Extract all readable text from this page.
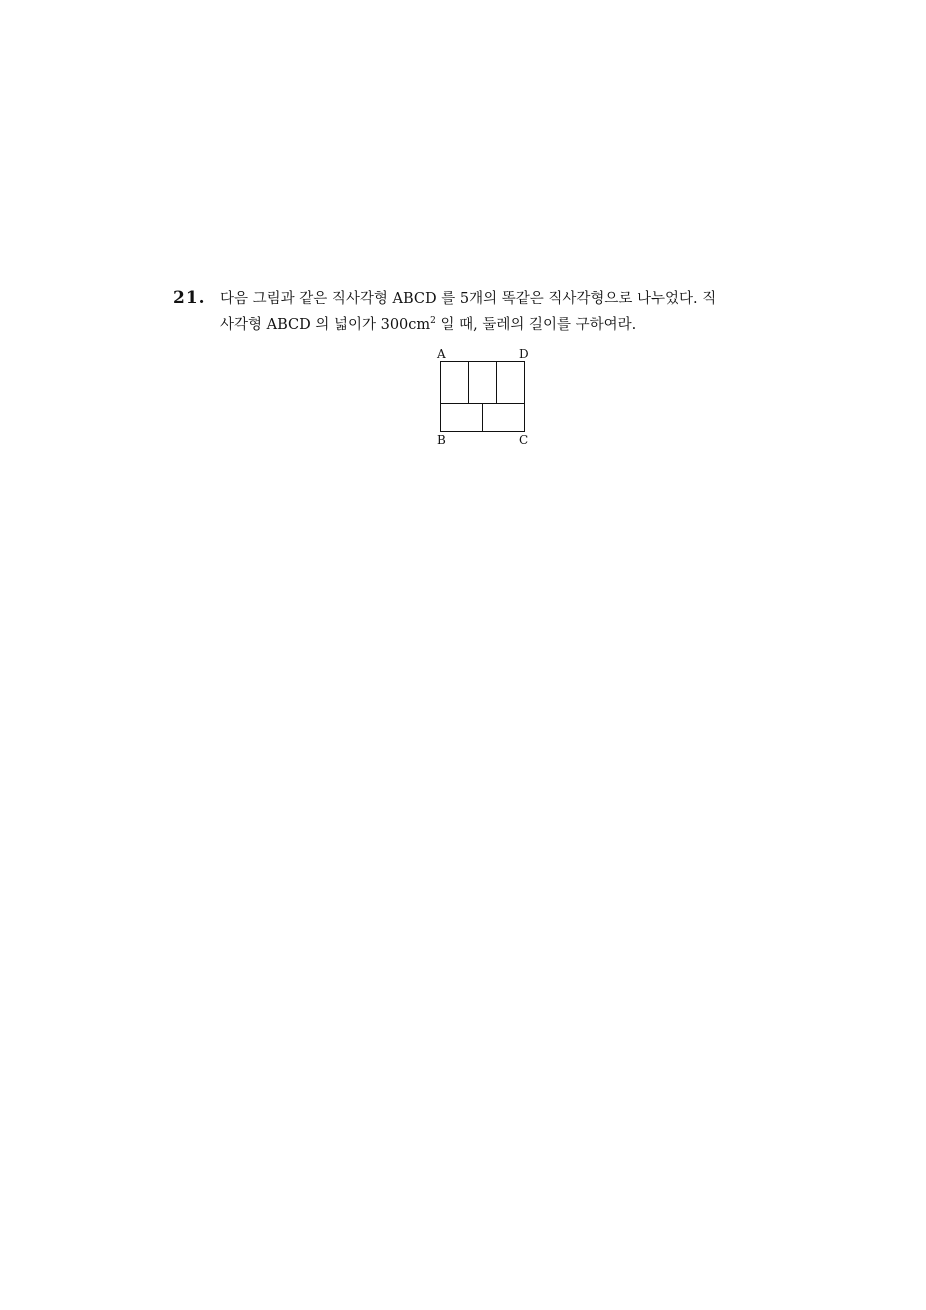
21. 다음 그림과 같은 직사각형 ABCD 를 5개의 똑같은 직사각형으로 나누었다. 직
사각형 ABCD 의 넓이가 $300cm^2$ 일 때, 둘레의 길이를 구하여라.
A	D
B	C
